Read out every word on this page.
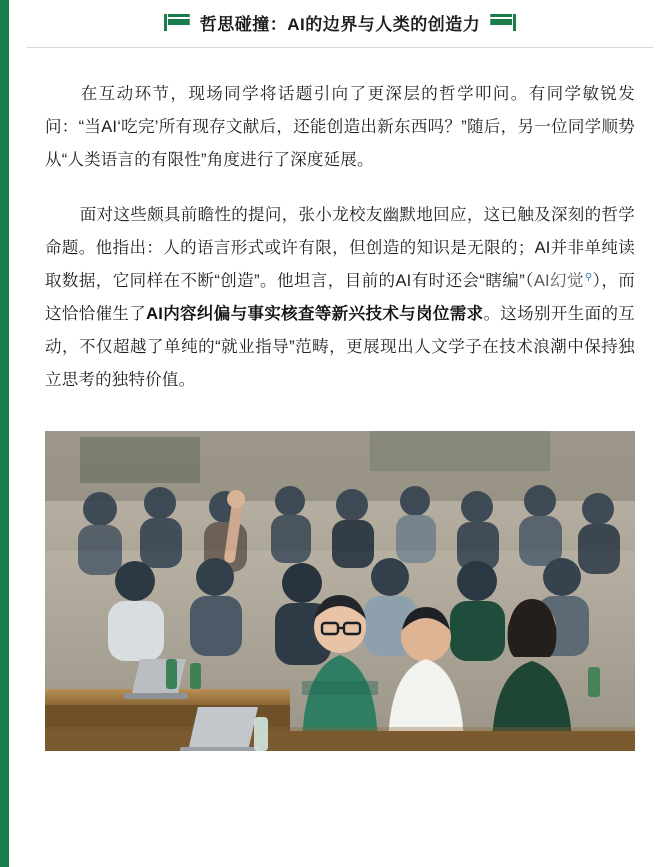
哲思碰撞：AI的边界与人类的创造力

在互动环节，现场同学将话题引向了更深层的哲学叩问。有同学敏锐发问：“当AI‘吃完’所有现存文献后，还能创造出新东西吗？”随后，另一位同学顺势从“人类语言的有限性”角度进行了深度延展。

面对这些颇具前瞻性的提问，张小龙校友幽默地回应，这已触及深刻的哲学命题。他指出：人的语言形式或许有限，但创造的知识是无限的；AI并非单纯读取数据，它同样在不断“创造”。他坦言，目前的AI有时还会“瞎编”（AI幻觉⚲），而这恰恰催生了AI内容纠偏与事实核查等新兴技术与岗位需求。这场别开生面的互动，不仅超越了单纯的“就业指导”范畴，更展现出人文学子在技术浪潮中保持独立思考的独特价值。
